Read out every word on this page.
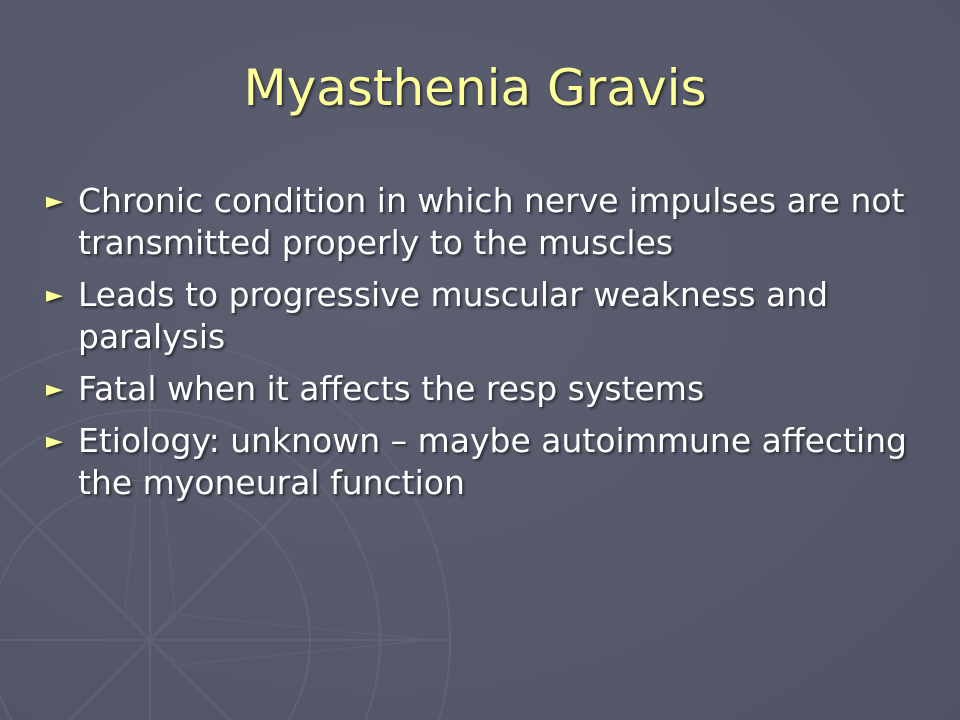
Myasthenia Gravis
► Chronic condition in which nerve impulses are not transmitted properly to the muscles
► Leads to progressive muscular weakness and paralysis
► Fatal when it affects the resp systems
► Etiology: unknown – maybe autoimmune affecting the myoneural function
